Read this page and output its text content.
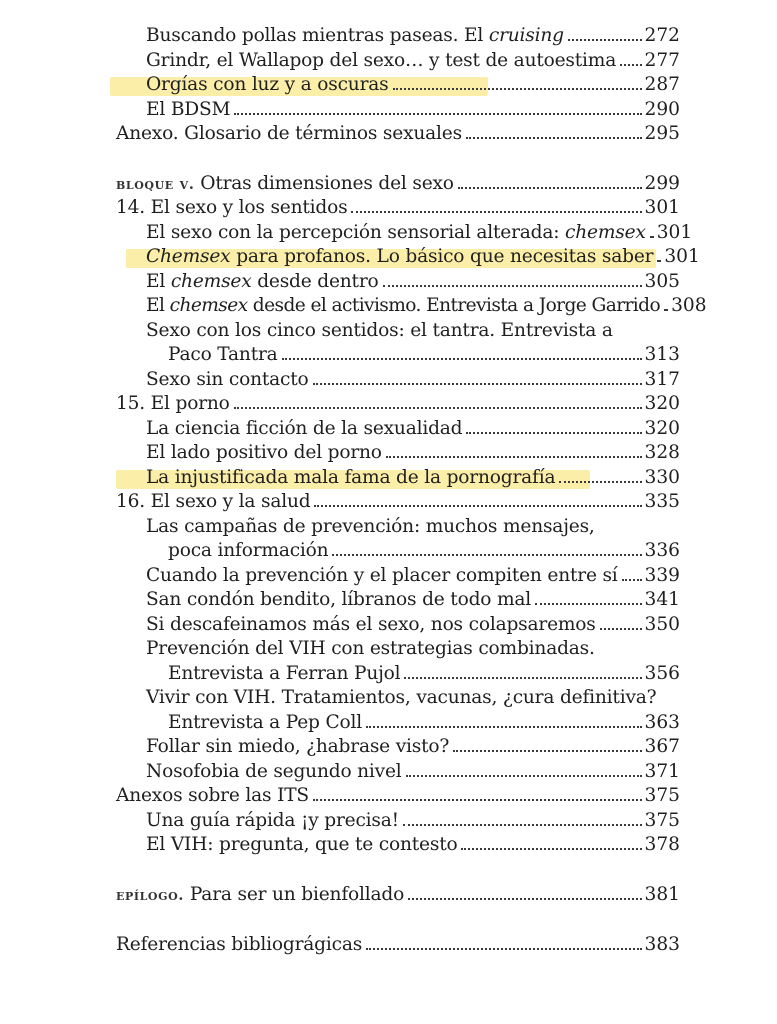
Buscando pollas mientras paseas. El cruising	272
Grindr, el Wallapop del sexo… y test de autoestima 277
Orgías con luz y a oscuras	287
El BDSM	290
Anexo. Glosario de términos sexuales	295
bloque v. Otras dimensiones del sexo	299
14. El sexo y los sentidos	301
El sexo con la percepción sensorial alterada: chemsex 301
Chemsex para profanos. Lo básico que necesitas saber 301
El chemsex desde dentro	305
El chemsex desde el activismo. Entrevista a Jorge Garrido 308
Sexo con los cinco sentidos: el tantra. Entrevista a
Paco Tantra	313
Sexo sin contacto	317
15. El porno	320
La ciencia ficción de la sexualidad	320
El lado positivo del porno	328
La injustificada mala fama de la pornografía	330
16. El sexo y la salud	335
Las campañas de prevención: muchos mensajes,
poca información	336
Cuando la prevención y el placer compiten entre sí 339
San condón bendito, líbranos de todo mal	341
Si descafeinamos más el sexo, nos colapsaremos	350
Prevención del VIH con estrategias combinadas.
Entrevista a Ferran Pujol	356
Vivir con VIH. Tratamientos, vacunas, ¿cura definitiva?
Entrevista a Pep Coll	363
Follar sin miedo, ¿habrase visto?	367
Nosofobia de segundo nivel	371
Anexos sobre las ITS	375
Una guía rápida ¡y precisa!	375
El VIH: pregunta, que te contesto	378
epílogo. Para ser un bienfollado	381
Referencias bibliográgicas	383
